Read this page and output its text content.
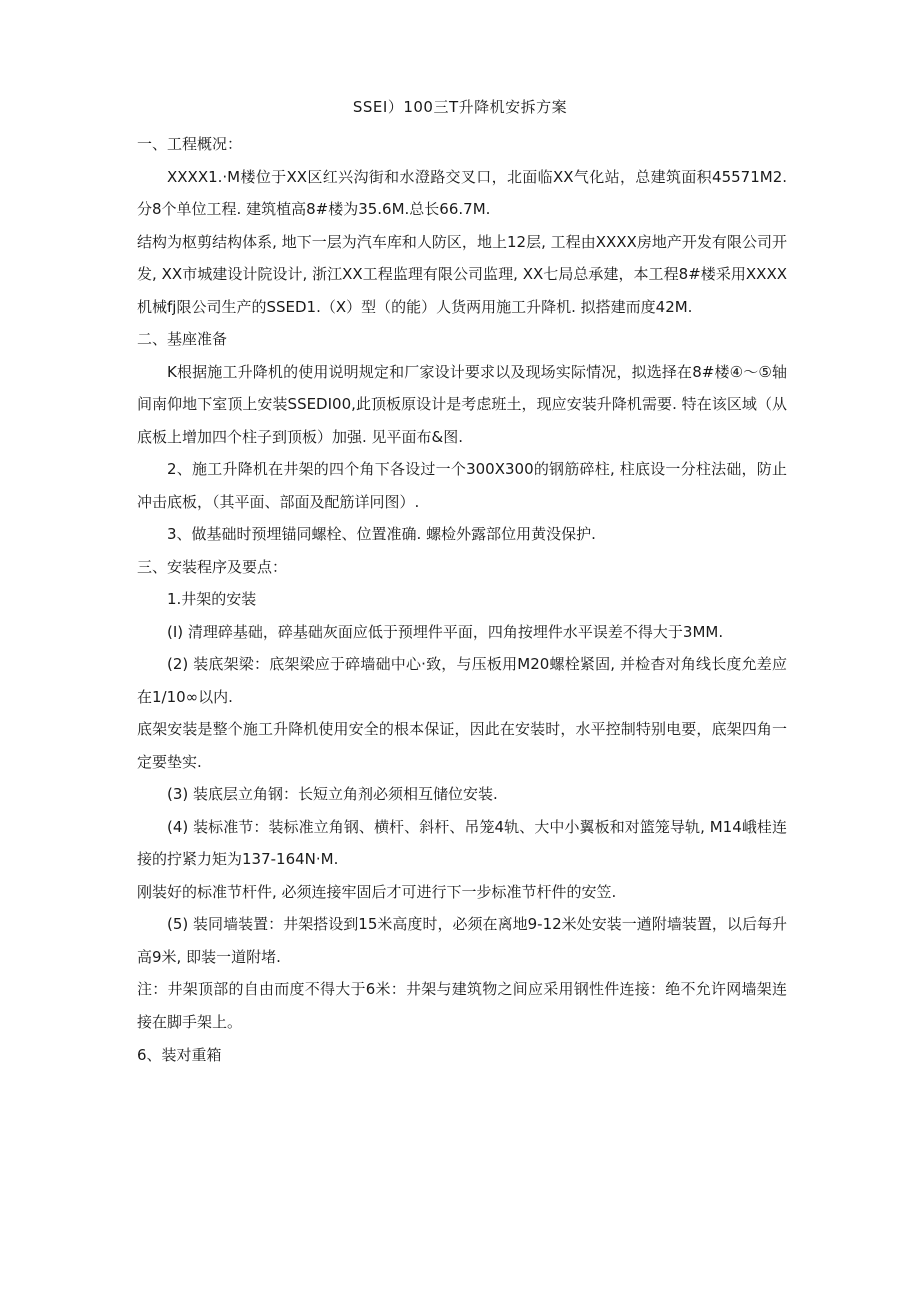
SSEI）100三T升降机安拆方案

一、工程概况：

XXXX1.·M楼位于XX区红兴沟街和水澄路交叉口，北面临XX气化站，总建筑面积45571M2.分8个单位工程. 建筑植高8#楼为35.6M.总长66.7M.

结构为枢剪结构体系, 地下一层为汽车库和人防区，地上12层, 工程由XXXX房地产开发有限公司开发, XX市城建设计院设计, 浙江XX工程监理有限公司监理, XX七局总承建，本工程8#楼采用XXXX机械fj限公司生产的SSED1.（X）型（的能）人货两用施工升降机. 拟搭建而度42M.

二、基座准备

K根据施工升降机的使用说明规定和厂家设计要求以及现场实际情况，拟选择在8#楼④～⑤轴间南仰地下室顶上安装SSEDI00,此顶板原设计是考虑班土，现应安装升降机需要. 特在该区域（从底板上增加四个柱子到顶板）加强. 见平面布&图.

2、施工升降机在井架的四个角下各设过一个300X300的钢筋碎柱, 柱底设一分柱法础，防止冲击底板，（其平面、部面及配筋详冋图）.

3、做基础时预埋锚同螺栓、位置准确. 螺检外露部位用黄没保护.

三、安装程序及要点：

1.井架的安装

(I) 清理碎基础，碎基础灰面应低于预埋件平面，四角按埋件水平误差不得大于3MM.

(2) 装底架梁：底架梁应于碎墙础中心·致，与压板用M20螺栓紧固, 并检杳对角线长度允差应在1/10∞以内.

底架安装是整个施工升降机使用安全的根本保证，因此在安装时，水平控制特别电要，底架四角一定要垫实.

(3) 装底层立角钢：长短立角剂必须相互储位安装.

(4) 装标准节：装标准立角钢、横杆、斜杆、吊笼4轨、大中小翼板和对篮笼导轨, M14峨桂连接的拧紧力矩为137-164N·M.

刚装好的标准节杆件, 必须连接牢固后才可进行下一步标准节杆件的安笠.

(5) 装同墙装置：井架搭设到15米高度时，必须在离地9-12米处安装一遒附墙装置，以后每升高9米, 即装一道附堵.

注：井架顶部的自由而度不得大于6米：井架与建筑物之间应采用钢性件连接：绝不允许网墙架连接在脚手架上。

6、装对重箱
